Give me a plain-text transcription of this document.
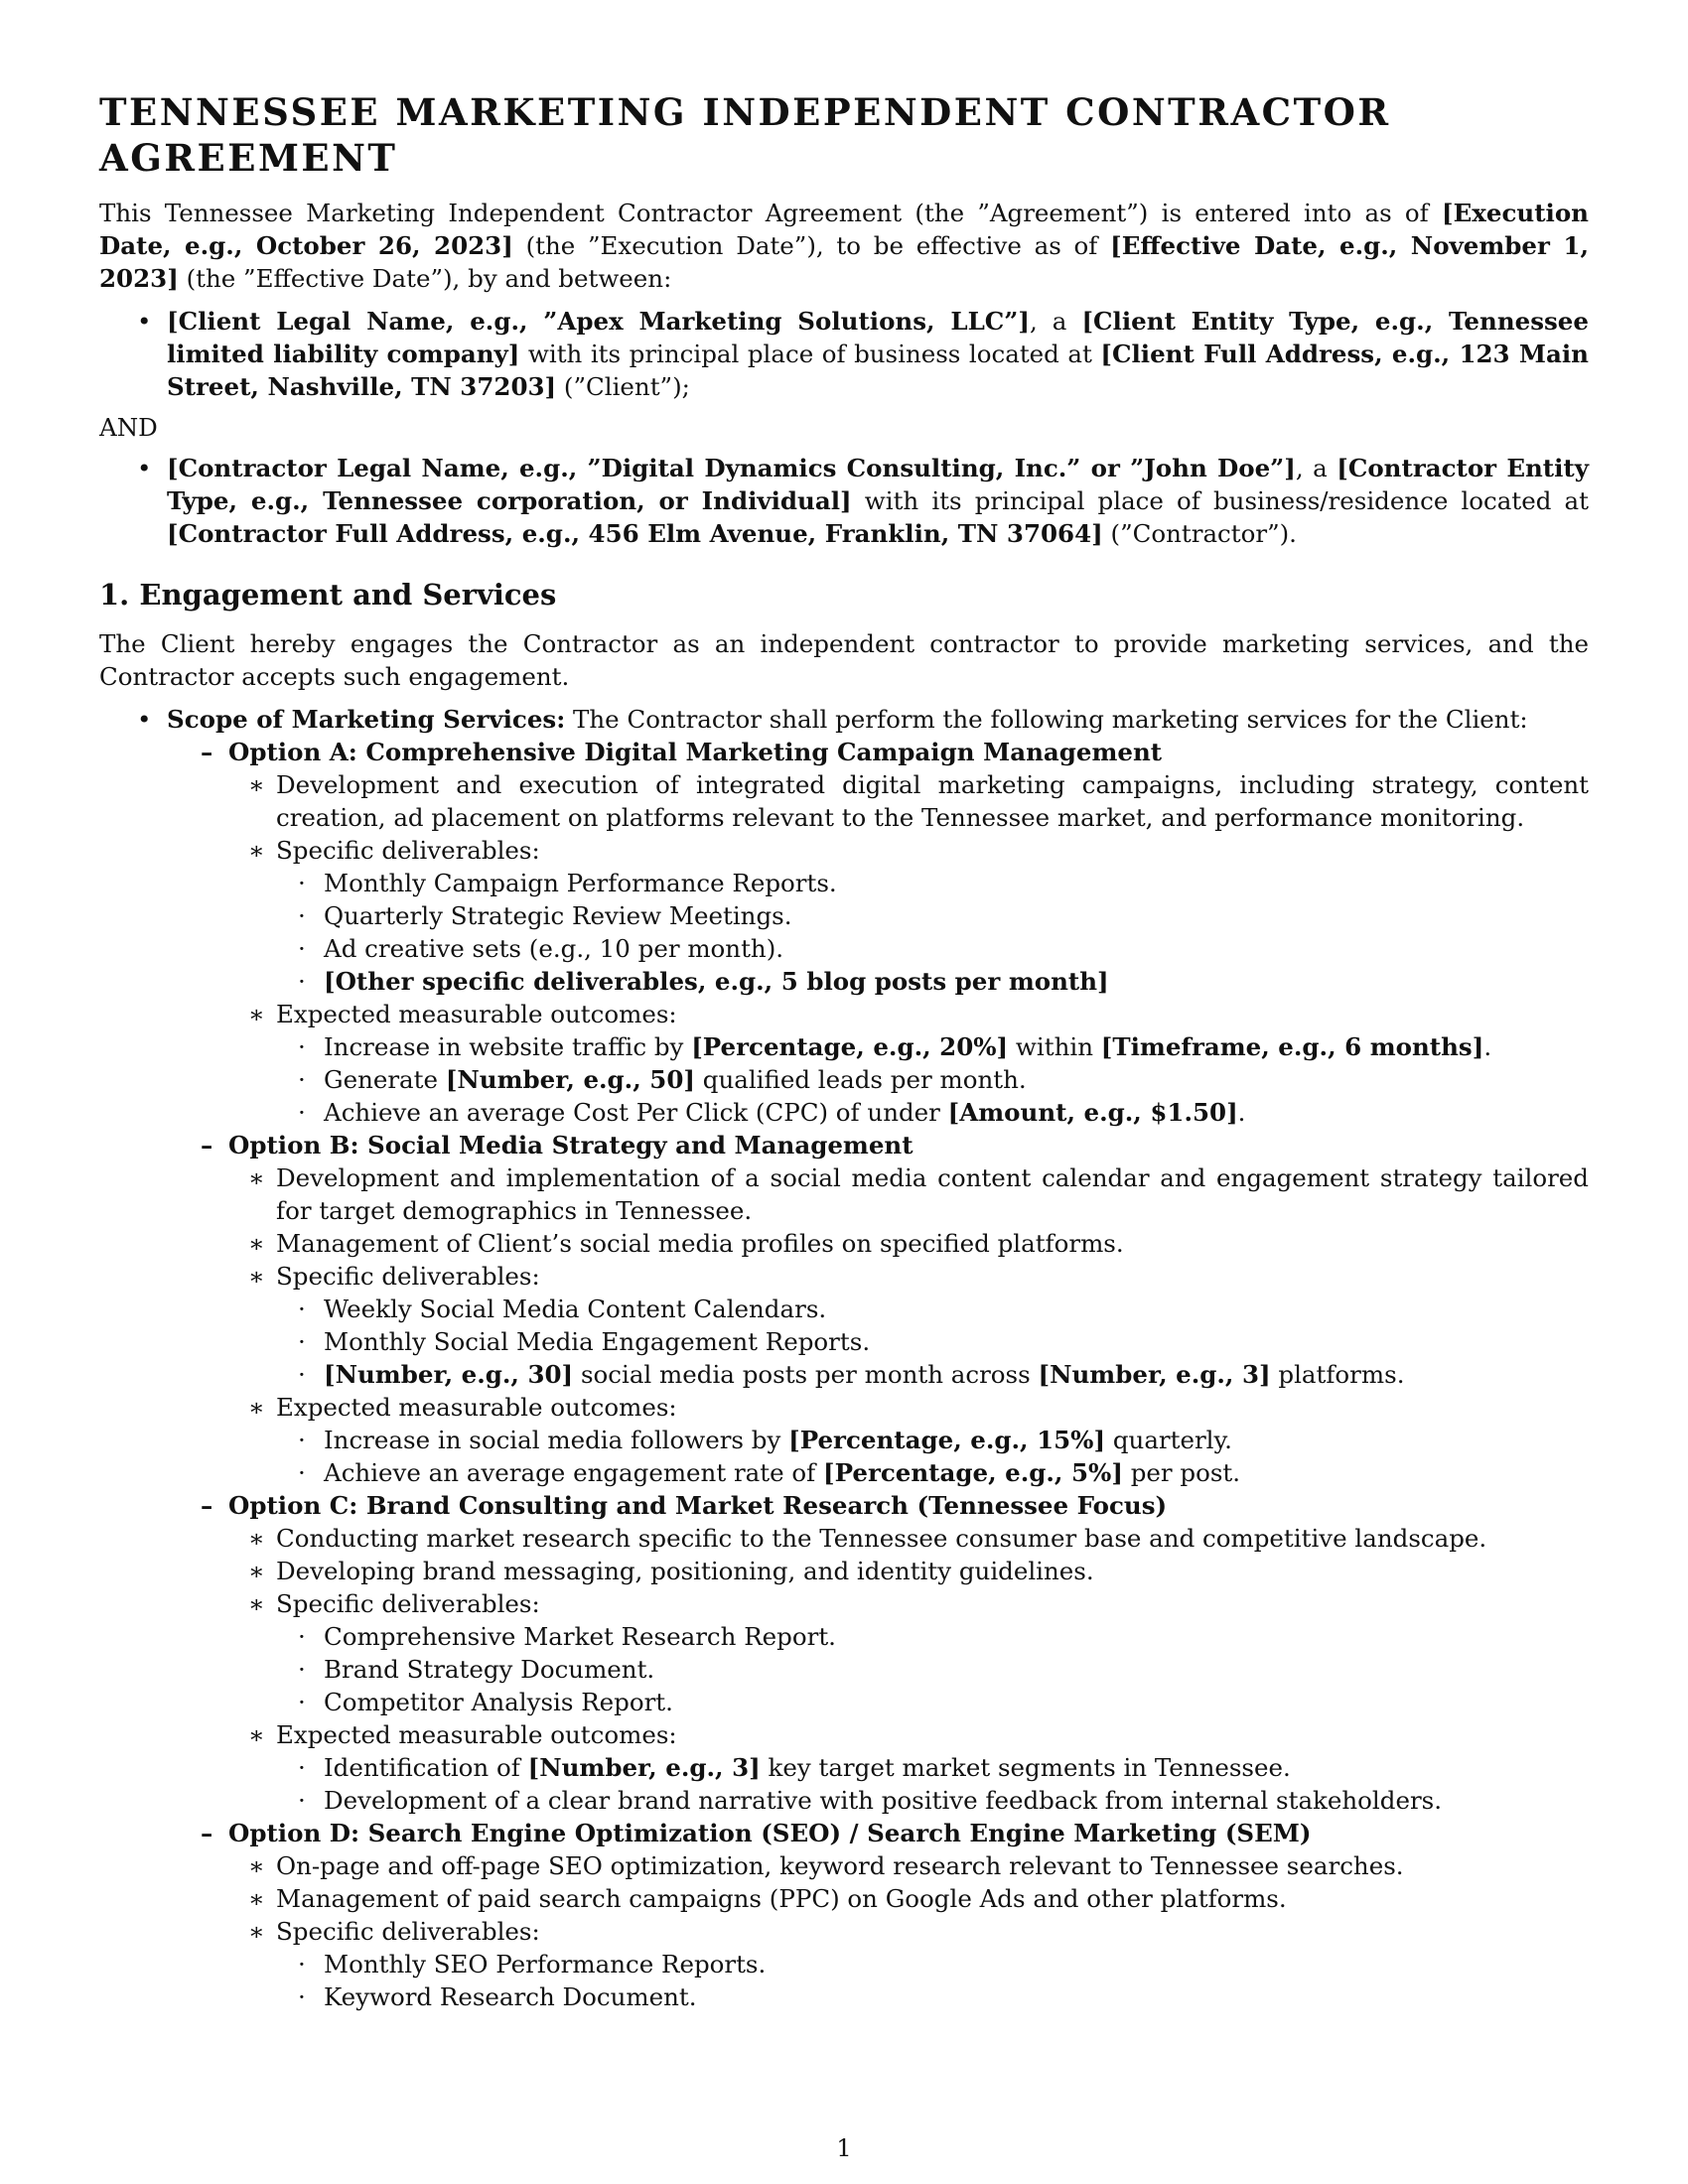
TENNESSEE MARKETING INDEPENDENT CONTRACTOR AGREEMENT

This Tennessee Marketing Independent Contractor Agreement (the ”Agreement”) is entered into as of [Execution Date, e.g., October 26, 2023] (the ”Execution Date”), to be effective as of [Effective Date, e.g., November 1, 2023] (the ”Effective Date”), by and between:

• [Client Legal Name, e.g., ”Apex Marketing Solutions, LLC”], a [Client Entity Type, e.g., Tennessee limited liability company] with its principal place of business located at [Client Full Address, e.g., 123 Main Street, Nashville, TN 37203] (”Client”);

AND

• [Contractor Legal Name, e.g., ”Digital Dynamics Consulting, Inc.” or ”John Doe”], a [Contractor Entity Type, e.g., Tennessee corporation, or Individual] with its principal place of business/residence located at [Contractor Full Address, e.g., 456 Elm Avenue, Franklin, TN 37064] (”Contractor”).
1. Engagement and Services

The Client hereby engages the Contractor as an independent contractor to provide marketing services, and the Contractor accepts such engagement.

• Scope of Marketing Services: The Contractor shall perform the following marketing services for the Client:
– Option A: Comprehensive Digital Marketing Campaign Management
∗ Development and execution of integrated digital marketing campaigns, including strategy, content creation, ad placement on platforms relevant to the Tennessee market, and performance monitoring.
∗ Specific deliverables:
· Monthly Campaign Performance Reports.
· Quarterly Strategic Review Meetings.
· Ad creative sets (e.g., 10 per month).
· [Other specific deliverables, e.g., 5 blog posts per month]
∗ Expected measurable outcomes:
· Increase in website traffic by [Percentage, e.g., 20%] within [Timeframe, e.g., 6 months].
· Generate [Number, e.g., 50] qualified leads per month.
· Achieve an average Cost Per Click (CPC) of under [Amount, e.g., $1.50].
– Option B: Social Media Strategy and Management
∗ Development and implementation of a social media content calendar and engagement strategy tailored for target demographics in Tennessee.
∗ Management of Client’s social media profiles on specified platforms.
∗ Specific deliverables:
· Weekly Social Media Content Calendars.
· Monthly Social Media Engagement Reports.
· [Number, e.g., 30] social media posts per month across [Number, e.g., 3] platforms.
∗ Expected measurable outcomes:
· Increase in social media followers by [Percentage, e.g., 15%] quarterly.
· Achieve an average engagement rate of [Percentage, e.g., 5%] per post.
– Option C: Brand Consulting and Market Research (Tennessee Focus)
∗ Conducting market research specific to the Tennessee consumer base and competitive landscape.
∗ Developing brand messaging, positioning, and identity guidelines.
∗ Specific deliverables:
· Comprehensive Market Research Report.
· Brand Strategy Document.
· Competitor Analysis Report.
∗ Expected measurable outcomes:
· Identification of [Number, e.g., 3] key target market segments in Tennessee.
· Development of a clear brand narrative with positive feedback from internal stakeholders.
– Option D: Search Engine Optimization (SEO) / Search Engine Marketing (SEM)
∗ On-page and off-page SEO optimization, keyword research relevant to Tennessee searches.
∗ Management of paid search campaigns (PPC) on Google Ads and other platforms.
∗ Specific deliverables:
· Monthly SEO Performance Reports.
· Keyword Research Document.
1
